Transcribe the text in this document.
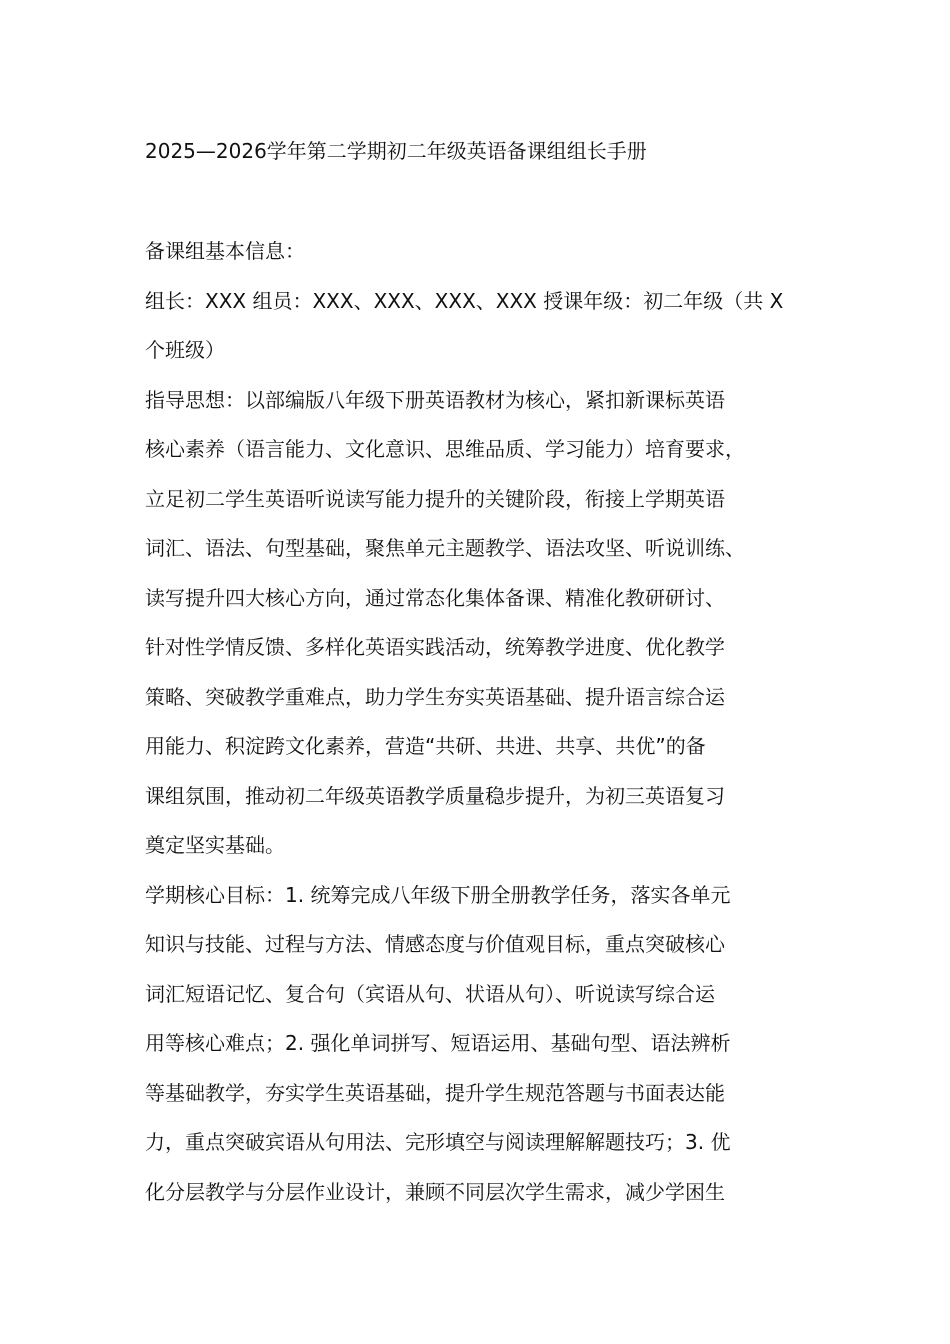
2025—2026学年第二学期初二年级英语备课组组长手册
备课组基本信息：
组长：XXX 组员：XXX、XXX、XXX、XXX 授课年级：初二年级（共 X
个班级）
指导思想：以部编版八年级下册英语教材为核心，紧扣新课标英语
核心素养（语言能力、文化意识、思维品质、学习能力）培育要求，
立足初二学生英语听说读写能力提升的关键阶段，衔接上学期英语
词汇、语法、句型基础，聚焦单元主题教学、语法攻坚、听说训练、
读写提升四大核心方向，通过常态化集体备课、精准化教研研讨、
针对性学情反馈、多样化英语实践活动，统筹教学进度、优化教学
策略、突破教学重难点，助力学生夯实英语基础、提升语言综合运
用能力、积淀跨文化素养，营造“共研、共进、共享、共优”的备
课组氛围，推动初二年级英语教学质量稳步提升，为初三英语复习
奠定坚实基础。
学期核心目标：1. 统筹完成八年级下册全册教学任务，落实各单元
知识与技能、过程与方法、情感态度与价值观目标，重点突破核心
词汇短语记忆、复合句（宾语从句、状语从句）、听说读写综合运
用等核心难点；2. 强化单词拼写、短语运用、基础句型、语法辨析
等基础教学，夯实学生英语基础，提升学生规范答题与书面表达能
力，重点突破宾语从句用法、完形填空与阅读理解解题技巧；3. 优
化分层教学与分层作业设计，兼顾不同层次学生需求，减少学困生
